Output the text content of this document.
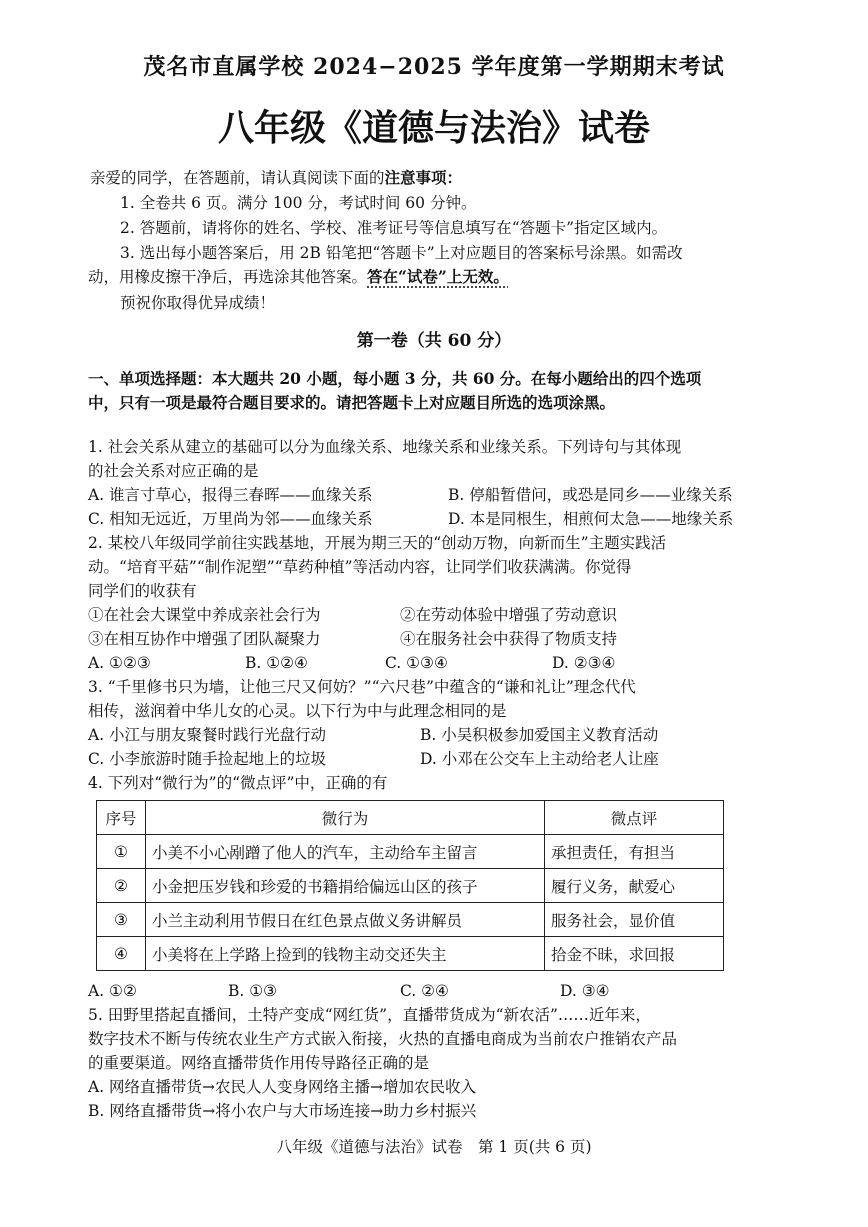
茂名市直属学校 2024−2025 学年度第一学期期末考试
八年级《道德与法治》试卷
亲爱的同学，在答题前，请认真阅读下面的注意事项：
1. 全卷共 6 页。满分 100 分，考试时间 60 分钟。
2. 答题前，请将你的姓名、学校、准考证号等信息填写在“答题卡”指定区域内。
3. 选出每小题答案后，用 2B 铅笔把“答题卡”上对应题目的答案标号涂黑。如需改
动，用橡皮擦干净后，再选涂其他答案。答在“试卷”上无效。
预祝你取得优异成绩！
第一卷（共 60 分）
一、单项选择题：本大题共 20 小题，每小题 3 分，共 60 分。在每小题给出的四个选项
中，只有一项是最符合题目要求的。请把答题卡上对应题目所选的选项涂黑。
1. 社会关系从建立的基础可以分为血缘关系、地缘关系和业缘关系。下列诗句与其体现
的社会关系对应正确的是
A. 谁言寸草心，报得三春晖——血缘关系	B. 停船暂借问，或恐是同乡——业缘关系
C. 相知无远近，万里尚为邻——血缘关系	D. 本是同根生，相煎何太急——地缘关系
2. 某校八年级同学前往实践基地，开展为期三天的“创动万物，向新而生”主题实践活
动。“培育平菇”“制作泥塑”“草药种植”等活动内容，让同学们收获满满。你觉得
同学们的收获有
①在社会大课堂中养成亲社会行为	②在劳动体验中增强了劳动意识
③在相互协作中增强了团队凝聚力	④在服务社会中获得了物质支持
A. ①②③	B. ①②④	C. ①③④	D. ②③④
3. “千里修书只为墙，让他三尺又何妨？”“六尺巷”中蕴含的“谦和礼让”理念代代
相传，滋润着中华儿女的心灵。以下行为中与此理念相同的是
A. 小江与朋友聚餐时践行光盘行动	B. 小吴积极参加爱国主义教育活动
C. 小李旅游时随手捡起地上的垃圾	D. 小邓在公交车上主动给老人让座
4. 下列对“微行为”的“微点评”中，正确的有
序号	微行为	微点评
①	小美不小心剐蹭了他人的汽车，主动给车主留言	承担责任，有担当
②	小金把压岁钱和珍爱的书籍捐给偏远山区的孩子	履行义务，献爱心
③	小兰主动利用节假日在红色景点做义务讲解员	服务社会，显价值
④	小美将在上学路上捡到的钱物主动交还失主	拾金不昧，求回报
A. ①②	B. ①③	C. ②④	D. ③④
5. 田野里搭起直播间，土特产变成“网红货”，直播带货成为“新农活”……近年来，
数字技术不断与传统农业生产方式嵌入衔接，火热的直播电商成为当前农户推销农产品
的重要渠道。网络直播带货作用传导路径正确的是
A. 网络直播带货→农民人人变身网络主播→增加农民收入
B. 网络直播带货→将小农户与大市场连接→助力乡村振兴
八年级《道德与法治》试卷　第 1 页(共 6 页)
